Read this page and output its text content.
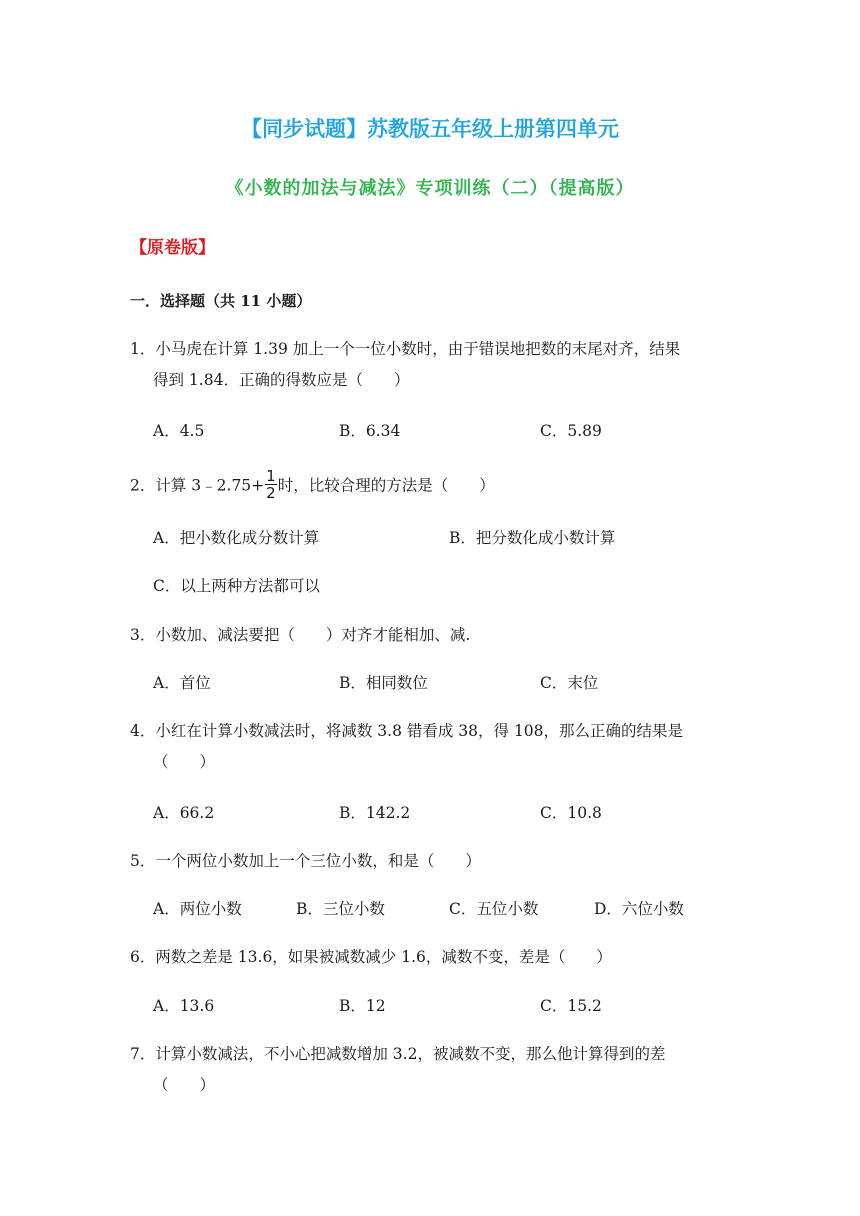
【同步试题】苏教版五年级上册第四单元
《小数的加法与减法》专项训练（二）（提高版）
【原卷版】
一．选择题（共 11 小题）
1．小马虎在计算 1.39 加上一个一位小数时，由于错误地把数的末尾对齐，结果
得到 1.84．正确的得数应是（　　）
A．4.5	B．6.34	C．5.89
2．计算 3﹣2.75+ $\frac{1}{2}$ 时，比较合理的方法是（　　）
A．把小数化成分数计算	B．把分数化成小数计算
C．以上两种方法都可以
3．小数加、减法要把（　　）对齐才能相加、减.
A．首位	B．相同数位	C．末位
4．小红在计算小数减法时，将减数 3.8 错看成 38，得 108，那么正确的结果是
（　　）
A．66.2	B．142.2	C．10.8
5．一个两位小数加上一个三位小数，和是（　　）
A．两位小数	B．三位小数	C．五位小数	D．六位小数
6．两数之差是 13.6，如果被减数减少 1.6，减数不变，差是（　　）
A．13.6	B．12	C．15.2
7．计算小数减法，不小心把减数增加 3.2，被减数不变，那么他计算得到的差
（　　）
